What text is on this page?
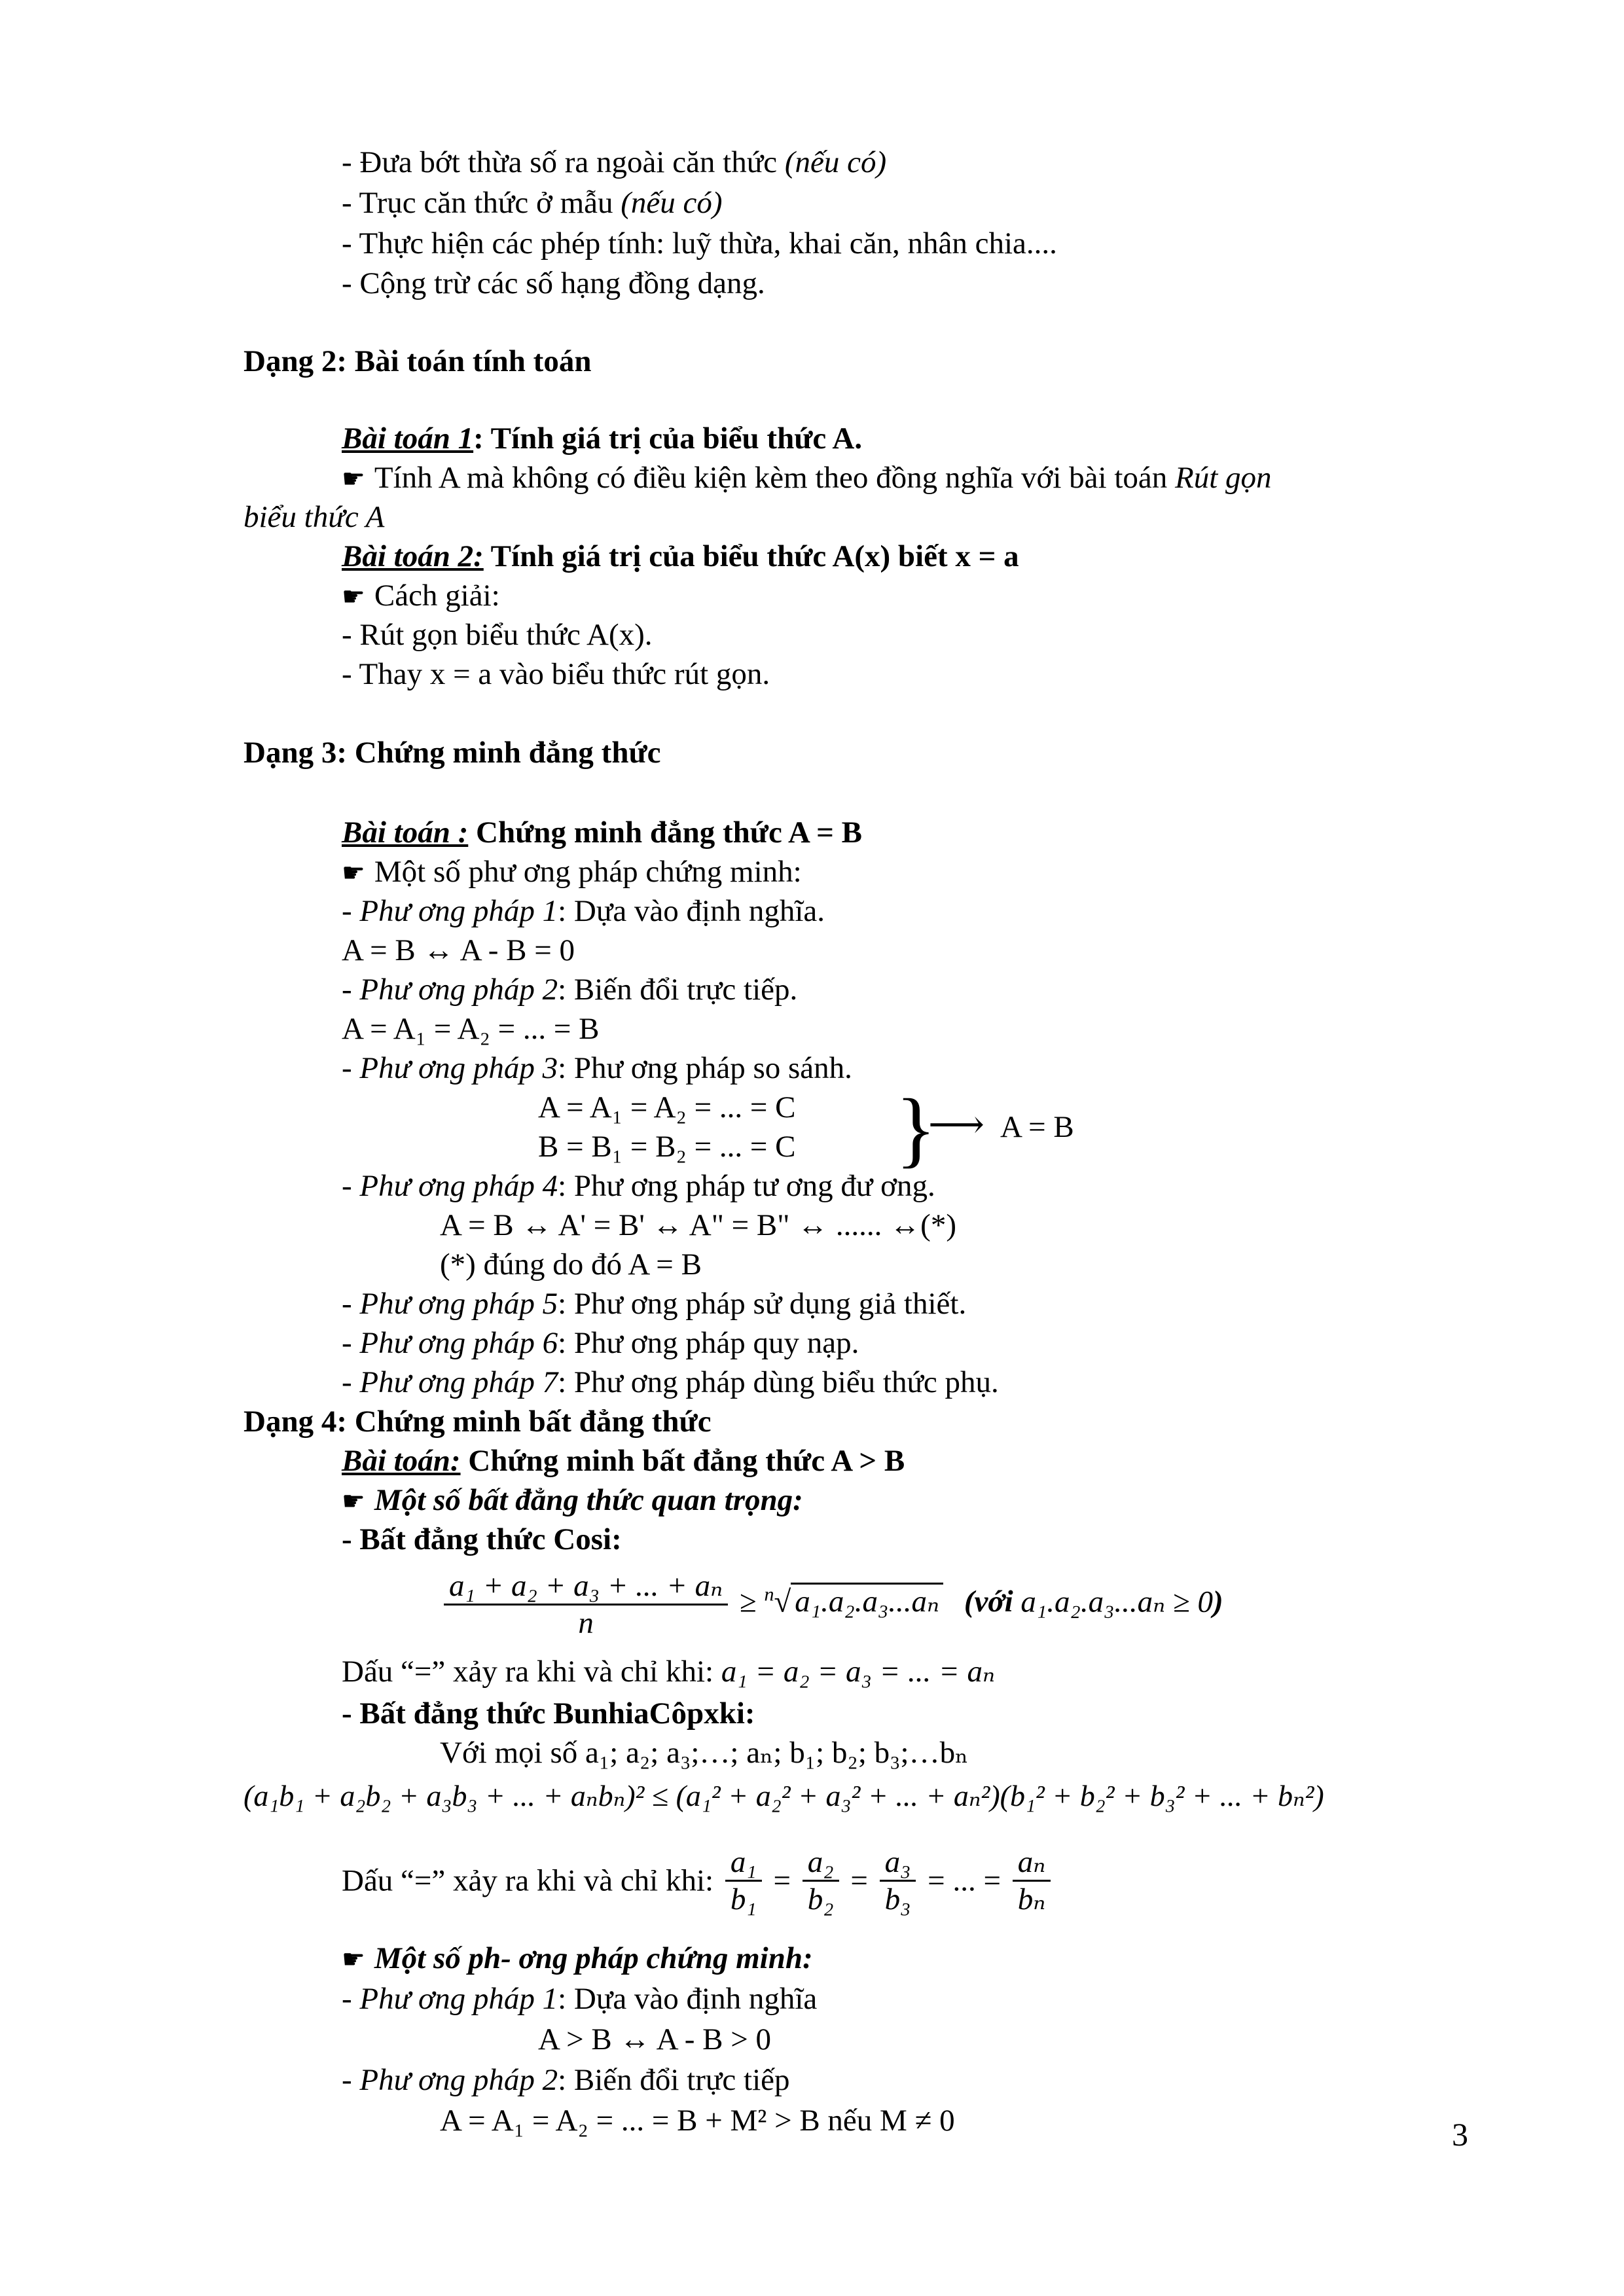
- Đưa bớt thừa số ra ngoài căn thức (nếu có)
- Trục căn thức ở mẫu (nếu có)
- Thực hiện các phép tính: luỹ thừa, khai căn, nhân chia....
- Cộng trừ các số hạng đồng dạng.
Dạng 2: Bài toán tính toán
Bài toán 1: Tính giá trị của biểu thức A.
☛ Tính A mà không có điều kiện kèm theo đồng nghĩa với bài toán Rút gọn
biểu thức A
Bài toán 2: Tính giá trị của biểu thức A(x) biết x = a
☛ Cách giải:
- Rút gọn biểu thức A(x).
- Thay x = a vào biểu thức rút gọn.
Dạng 3: Chứng minh đẳng thức
Bài toán : Chứng minh đẳng thức A = B
☛ Một số phư ơng pháp chứng minh:
- Phư ơng pháp 1: Dựa vào định nghĩa.
A = B ↔ A - B = 0
- Phư ơng pháp 2: Biến đổi trực tiếp.
A = A₁ = A₂ = ... = B
- Phư ơng pháp 3: Phư ơng pháp so sánh.
A = A₁ = A₂ = ... = C
B = B₁ = B₂ = ... = C }
⟶ A = B
- Phư ơng pháp 4: Phư ơng pháp tư ơng đư ơng.
A = B ↔ A' = B' ↔ A" = B" ↔ ...... ↔(*)
(*) đúng do đó A = B
- Phư ơng pháp 5: Phư ơng pháp sử dụng giả thiết.
- Phư ơng pháp 6: Phư ơng pháp quy nạp.
- Phư ơng pháp 7: Phư ơng pháp dùng biểu thức phụ.
Dạng 4: Chứng minh bất đẳng thức
Bài toán: Chứng minh bất đẳng thức A > B
☛ Một số bất đẳng thức quan trọng:
- Bất đẳng thức Cosi:
$\frac{\text{a₁ + a₂ + a₃ + ... + aₙ}}{n} \ge ^n√$ a₁.a₂.a₃...aₙ (với a₁.a₂.a₃...aₙ ≥ 0)
Dấu “=” xảy ra khi và chỉ khi: a₁ = a₂ = a₃ = ... = aₙ
- Bất đẳng thức BunhiaCôpxki:
Với mọi số a₁; a₂; a₃;…; aₙ; b₁; b₂; b₃;…bₙ
(a₁b₁ + a₂b₂ + a₃b₃ + ... + aₙbₙ)² ≤ (a₁² + a₂² + a₃² + ... + aₙ²)(b₁² + b₂² + b₃² + ... + bₙ²)
Dấu “=” xảy ra khi và chỉ khi: $\frac{\text{a₁}}{\text{b₁}} = \frac{\text{a₂}}{\text{b₂}} = \frac{\text{a₃}}{\text{b₃}}$ = ... = $\frac{\text{aₙ}}{\text{bₙ}}$
☛ Một số ph- ơng pháp chứng minh:
- Phư ơng pháp 1: Dựa vào định nghĩa
A > B ↔ A - B > 0
- Phư ơng pháp 2: Biến đổi trực tiếp
A = A₁ = A₂ = ... = B + M² > B nếu M ≠ 0	3
